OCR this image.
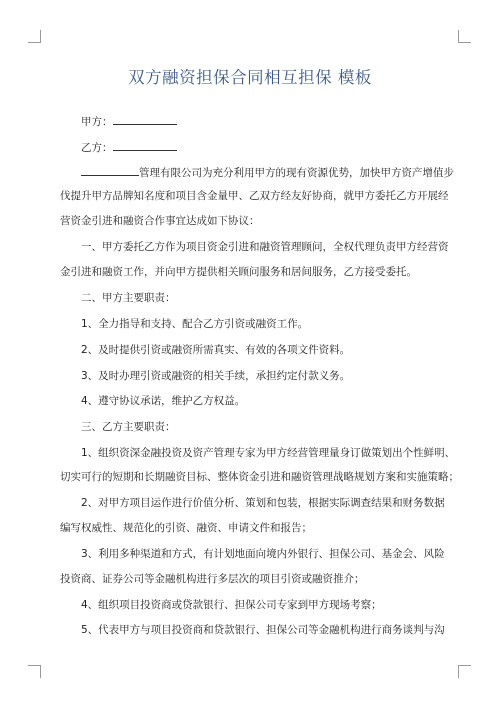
双方融资担保合同相互担保 模板
甲方：
乙方：
管理有限公司为充分利用甲方的现有资源优势，加快甲方资产增值步
伐提升甲方品牌知名度和项目含金量甲、乙双方经友好协商，就甲方委托乙方开展经
营资金引进和融资合作事宜达成如下协议：
一、甲方委托乙方作为项目资金引进和融资管理顾问，全权代理负责甲方经营资
金引进和融资工作，并向甲方提供相关顾问服务和居间服务，乙方接受委托。
二、甲方主要职责：
1、全力指导和支持、配合乙方引资或融资工作。
2、及时提供引资或融资所需真实、有效的各项文件资料。
3、及时办理引资或融资的相关手续，承担约定付款义务。
4、遵守协议承诺，维护乙方权益。
三、乙方主要职责：
1、组织资深金融投资及资产管理专家为甲方经营管理量身订做策划出个性鲜明、
切实可行的短期和长期融资目标、整体资金引进和融资管理战略规划方案和实施策略；
2、对甲方项目运作进行价值分析、策划和包装，根据实际调查结果和财务数据
编写权威性、规范化的引资、融资、申请文件和报告；
3、利用多种渠道和方式，有计划地面向境内外银行、担保公司、基金会、风险
投资商、证券公司等金融机构进行多层次的项目引资或融资推介；
4、组织项目投资商或贷款银行、担保公司专家到甲方现场考察；
5、代表甲方与项目投资商和贷款银行、担保公司等金融机构进行商务谈判与沟
